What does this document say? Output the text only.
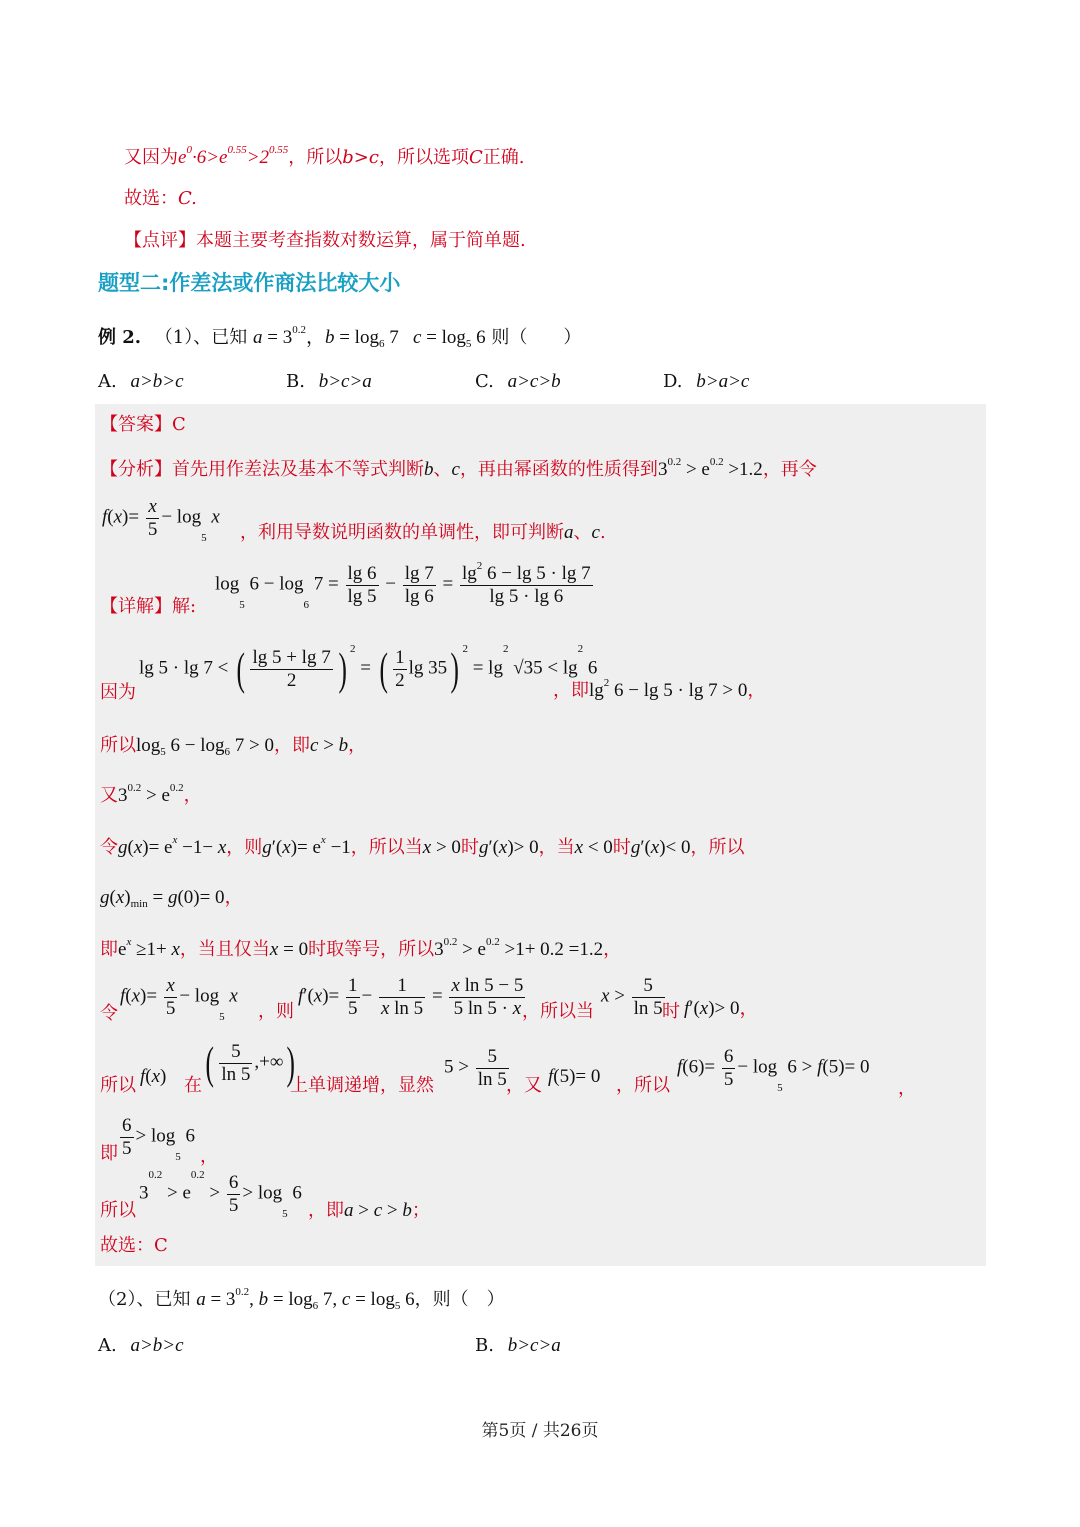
又因为$e^0\cdot 6>e^{0.55}>2^{0.55}$，所以b>c，所以选项C正确.
故选：C.
【点评】本题主要考查指数对数运算，属于简单题.
题型二:作差法或作商法比较大小
例 2. （1）、已知 $a = 3^{0.2}$，$b = \log_6 7$   $c = \log_5 6$ 则（　　）
A. a>b>c	B. b>c>a	C. a>c>b	D. b>a>c
【答案】C
【分析】首先用作差法及基本不等式判断b、c，再由幂函数的性质得到$3^{0.2} > e^{0.2} >1.2$，再令
$f(x)= \frac{x}{5} - \log_5 x$
，利用导数说明函数的单调性，即可判断a、c.
$\log_5 6 - \log_6 7 = \frac{\lg 6}{\lg 5} - \frac{\lg 7}{\lg 6} = \frac{\lg^2 6 - \lg 5 \cdot \lg 7}{\lg 5 \cdot \lg 6}$
【详解】解:
lg 5 · lg 7 < ( $\frac{\lg 5 + \lg 7}{2}$ ) $^2$ = ( $\frac{1}{2}$ lg 35) $^2 = \lg^2 √35 < \lg^2 6$
因为	，即$\lg^2 6 - \lg 5 \cdot \lg 7 > 0$，
所以$\log_5 6 - \log_6 7 > 0$，即c > b，
又$3^{0.2} > e^{0.2}$，
令$g(x)= e^x -1- x$，则$g'(x)= e^x -1$，所以当x > 0时g′(x)> 0，当x < 0时g′(x)< 0，所以
$g(x)_{min} = g(0)= 0$，
即$e^x \ge 1+ x$，当且仅当x = 0时取等号，所以$3^{0.2} > e^{0.2} >1+ 0.2 =1.2$，
令
$f(x)= \frac{x}{5} - \log_5 x$
，则
$f'(x)= \frac{1}{5} - \frac{1}{\text{x ln 5}} = \frac{\text{x ln 5 − 5}}{5 \ln 5 \cdot x}$
，所以当
$x > \frac{5}{\ln 5}$
时 f′(x)> 0，
所以 f(x) 在 ( $\frac{5}{\ln 5}$ ,+∞)
上单调递增，显然
$5 > \frac{5}{\ln 5}$
，又 f(5)= 0 ，所以
$f(6)= \frac{6}{5} - \log_5 6 > f(5)= 0$
，
即 $\frac{6}{5} > \log_5 6$
，
所以
$3^{0.2} > e^{0.2} > \frac{6}{5} > \log_5 6$
，即a > c > b；
故选：C
（2）、已知 $a = 3^{0.2}$, $b = \log_6 7$, $c = \log_5 6$，则（　）
A. a>b>c	B. b>c>a
第5页 / 共26页
